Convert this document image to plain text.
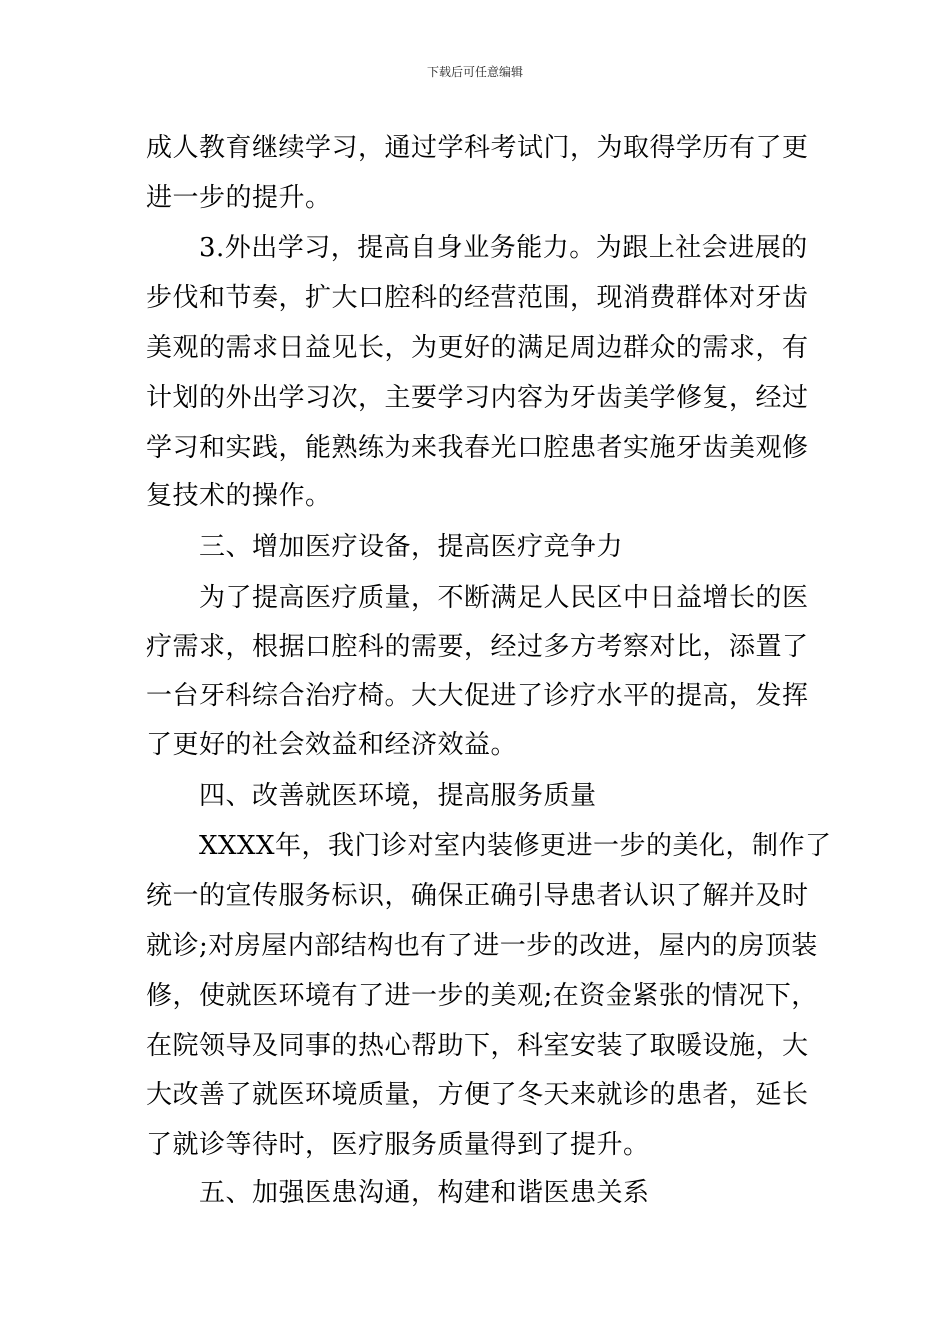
下载后可任意编辑
成人教育继续学习，通过学科考试门，为取得学历有了更
进一步的提升。
　　3.外出学习，提高自身业务能力。为跟上社会进展的
步伐和节奏，扩大口腔科的经营范围，现消费群体对牙齿
美观的需求日益见长，为更好的满足周边群众的需求，有
计划的外出学习次，主要学习内容为牙齿美学修复，经过
学习和实践，能熟练为来我春光口腔患者实施牙齿美观修
复技术的操作。
　　三、增加医疗设备，提高医疗竞争力
　　为了提高医疗质量，不断满足人民区中日益增长的医
疗需求，根据口腔科的需要，经过多方考察对比，添置了
一台牙科综合治疗椅。大大促进了诊疗水平的提高，发挥
了更好的社会效益和经济效益。
　　四、改善就医环境，提高服务质量
　　XXXX年，我门诊对室内装修更进一步的美化，制作了
统一的宣传服务标识，确保正确引导患者认识了解并及时
就诊;对房屋内部结构也有了进一步的改进，屋内的房顶装
修，使就医环境有了进一步的美观;在资金紧张的情况下，
在院领导及同事的热心帮助下，科室安装了取暖设施，大
大改善了就医环境质量，方便了冬天来就诊的患者，延长
了就诊等待时，医疗服务质量得到了提升。
　　五、加强医患沟通，构建和谐医患关系
